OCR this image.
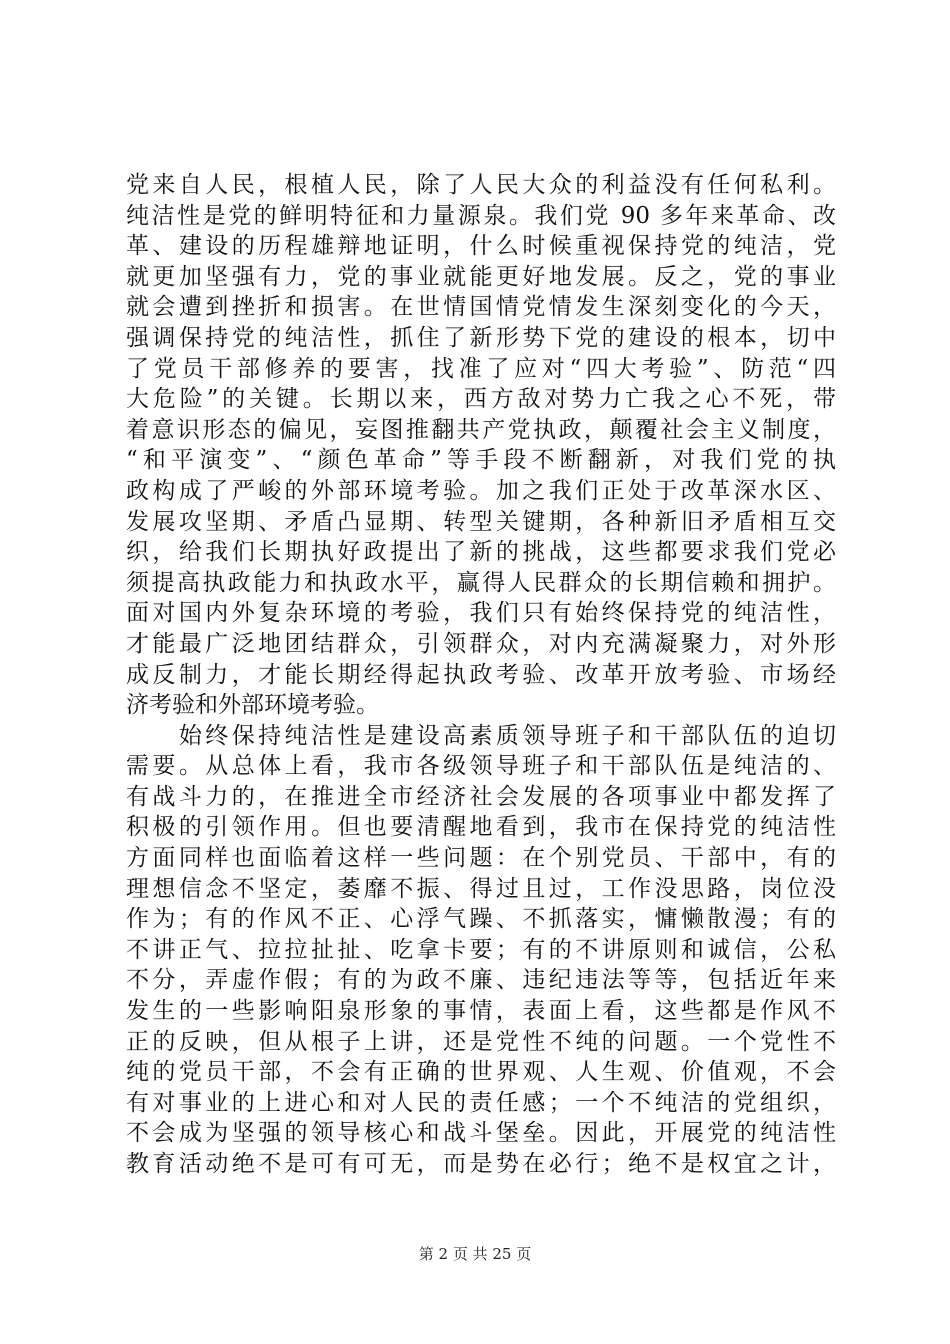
党来自人民，根植人民，除了人民大众的利益没有任何私利。
纯洁性是党的鲜明特征和力量源泉。我们党 90 多年来革命、改
革、建设的历程雄辩地证明，什么时候重视保持党的纯洁，党
就更加坚强有力，党的事业就能更好地发展。反之，党的事业
就会遭到挫折和损害。在世情国情党情发生深刻变化的今天，
强调保持党的纯洁性，抓住了新形势下党的建设的根本，切中
了党员干部修养的要害，找准了应对“四大考验”、防范“四
大危险”的关键。长期以来，西方敌对势力亡我之心不死，带
着意识形态的偏见，妄图推翻共产党执政，颠覆社会主义制度，
“和平演变”、“颜色革命”等手段不断翻新，对我们党的执
政构成了严峻的外部环境考验。加之我们正处于改革深水区、
发展攻坚期、矛盾凸显期、转型关键期，各种新旧矛盾相互交
织，给我们长期执好政提出了新的挑战，这些都要求我们党必
须提高执政能力和执政水平，赢得人民群众的长期信赖和拥护。
面对国内外复杂环境的考验，我们只有始终保持党的纯洁性，
才能最广泛地团结群众，引领群众，对内充满凝聚力，对外形
成反制力，才能长期经得起执政考验、改革开放考验、市场经
济考验和外部环境考验。
　　始终保持纯洁性是建设高素质领导班子和干部队伍的迫切
需要。从总体上看，我市各级领导班子和干部队伍是纯洁的、
有战斗力的，在推进全市经济社会发展的各项事业中都发挥了
积极的引领作用。但也要清醒地看到，我市在保持党的纯洁性
方面同样也面临着这样一些问题：在个别党员、干部中，有的
理想信念不坚定，萎靡不振、得过且过，工作没思路，岗位没
作为；有的作风不正、心浮气躁、不抓落实，慵懒散漫；有的
不讲正气、拉拉扯扯、吃拿卡要；有的不讲原则和诚信，公私
不分，弄虚作假；有的为政不廉、违纪违法等等，包括近年来
发生的一些影响阳泉形象的事情，表面上看，这些都是作风不
正的反映，但从根子上讲，还是党性不纯的问题。一个党性不
纯的党员干部，不会有正确的世界观、人生观、价值观，不会
有对事业的上进心和对人民的责任感；一个不纯洁的党组织，
不会成为坚强的领导核心和战斗堡垒。因此，开展党的纯洁性
教育活动绝不是可有可无，而是势在必行；绝不是权宜之计，
第 2 页 共 25 页
